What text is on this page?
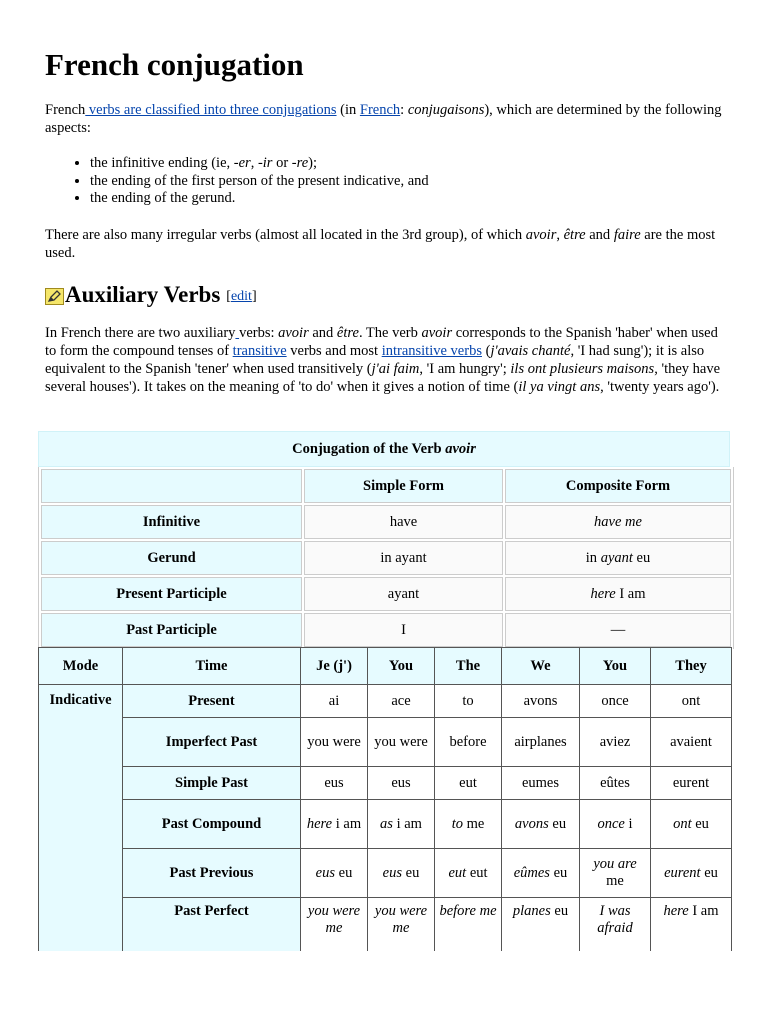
French conjugation

French verbs are classified into three conjugations (in French: conjugaisons), which are determined by the following aspects:

• the infinitive ending (ie, -er, -ir or -re);
• the ending of the first person of the present indicative, and
• the ending of the gerund.

There are also many irregular verbs (almost all located in the 3rd group), of which avoir, être and faire are the most used.

Auxiliary Verbs [edit]

In French there are two auxiliary verbs: avoir and être. The verb avoir corresponds to the Spanish 'haber' when used to form the compound tenses of transitive verbs and most intransitive verbs (j'avais chanté, 'I had sung'); it is also equivalent to the Spanish 'tener' when used transitively (j'ai faim, 'I am hungry'; ils ont plusieurs maisons, 'they have several houses'). It takes on the meaning of 'to do' when it gives a notion of time (il ya vingt ans, 'twenty years ago').

Conjugation of the Verb avoir
	Simple Form	Composite Form
Infinitive	have	have me
Gerund	in ayant	in ayant eu
Present Participle	ayant	here I am
Past Participle	I	—
Mode	Time	Je (j')	You	The	We	You	They
Indicative	Present	ai	ace	to	avons	once	ont
	Imperfect Past	you were	you were	before	airplanes	aviez	avaient
	Simple Past	eus	eus	eut	eumes	eûtes	eurent
	Past Compound	here i am	as i am	to me	avons eu	once i	ont eu
	Past Previous	eus eu	eus eu	eut eut	eûmes eu	you are me	eurent eu
	Past Perfect	you were me	you were me	before me	planes eu	I was afraid	here I am
